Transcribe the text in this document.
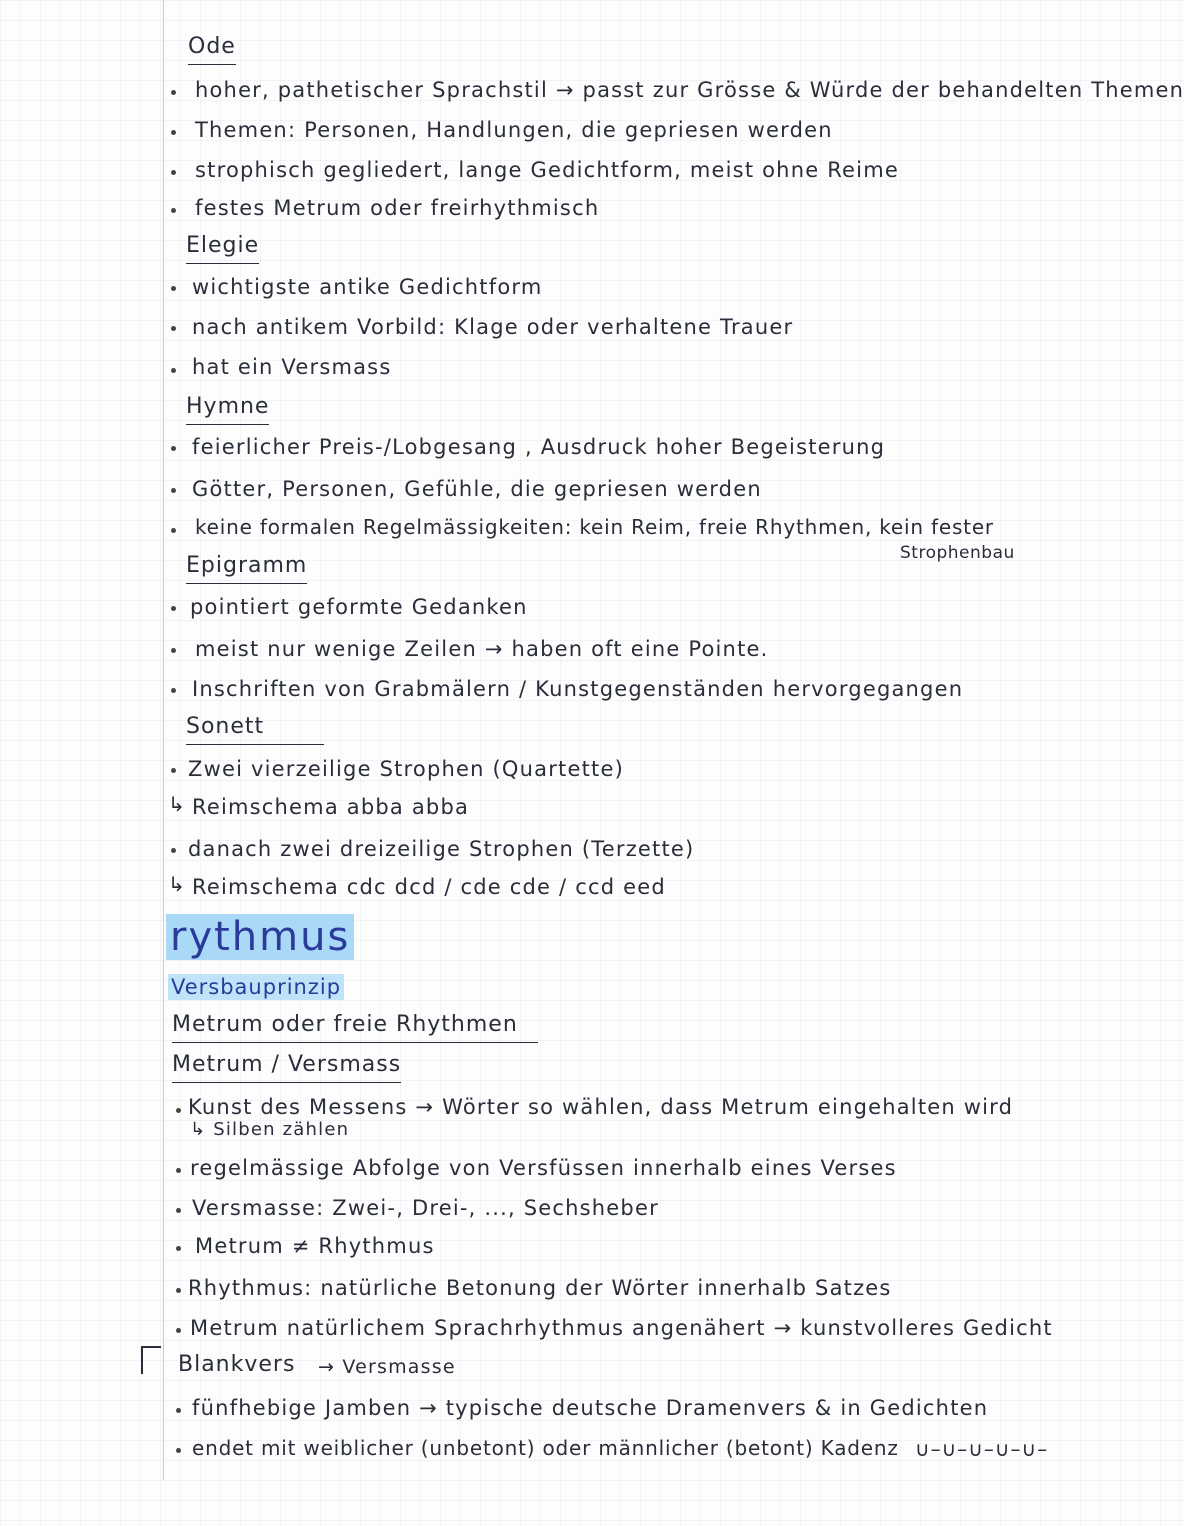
Ode
hoher, pathetischer Sprachstil → passt zur Grösse & Würde der behandelten Themen
Themen: Personen, Handlungen, die gepriesen werden
strophisch gegliedert, lange Gedichtform, meist ohne Reime
festes Metrum oder freirhythmisch
Elegie
wichtigste antike Gedichtform
nach antikem Vorbild: Klage oder verhaltene Trauer
hat ein Versmass
Hymne
feierlicher Preis-/Lobgesang , Ausdruck hoher Begeisterung
Götter, Personen, Gefühle, die gepriesen werden
keine formalen Regelmässigkeiten: kein Reim, freie Rhythmen, kein fester
Strophenbau
Epigramm
pointiert geformte Gedanken
meist nur wenige Zeilen → haben oft eine Pointe.
Inschriften von Grabmälern / Kunstgegenständen hervorgegangen
Sonett
Zwei vierzeilige Strophen (Quartette)
↳ Reimschema abba abba
danach zwei dreizeilige Strophen (Terzette)
↳ Reimschema cdc dcd / cde cde / ccd eed
rythmus
Versbauprinzip
Metrum oder freie Rhythmen
Metrum / Versmass
Kunst des Messens → Wörter so wählen, dass Metrum eingehalten wird
↳ Silben zählen
regelmässige Abfolge von Versfüssen innerhalb eines Verses
Versmasse: Zwei-, Drei-, ..., Sechsheber
Metrum ≠ Rhythmus
Rhythmus: natürliche Betonung der Wörter innerhalb Satzes
Metrum natürlichem Sprachrhythmus angenähert → kunstvolleres Gedicht
Blankvers → Versmasse
fünfhebige Jamben → typische deutsche Dramenvers & in Gedichten
endet mit weiblicher (unbetont) oder männlicher (betont) Kadenz ∪–∪–∪–∪–∪–
